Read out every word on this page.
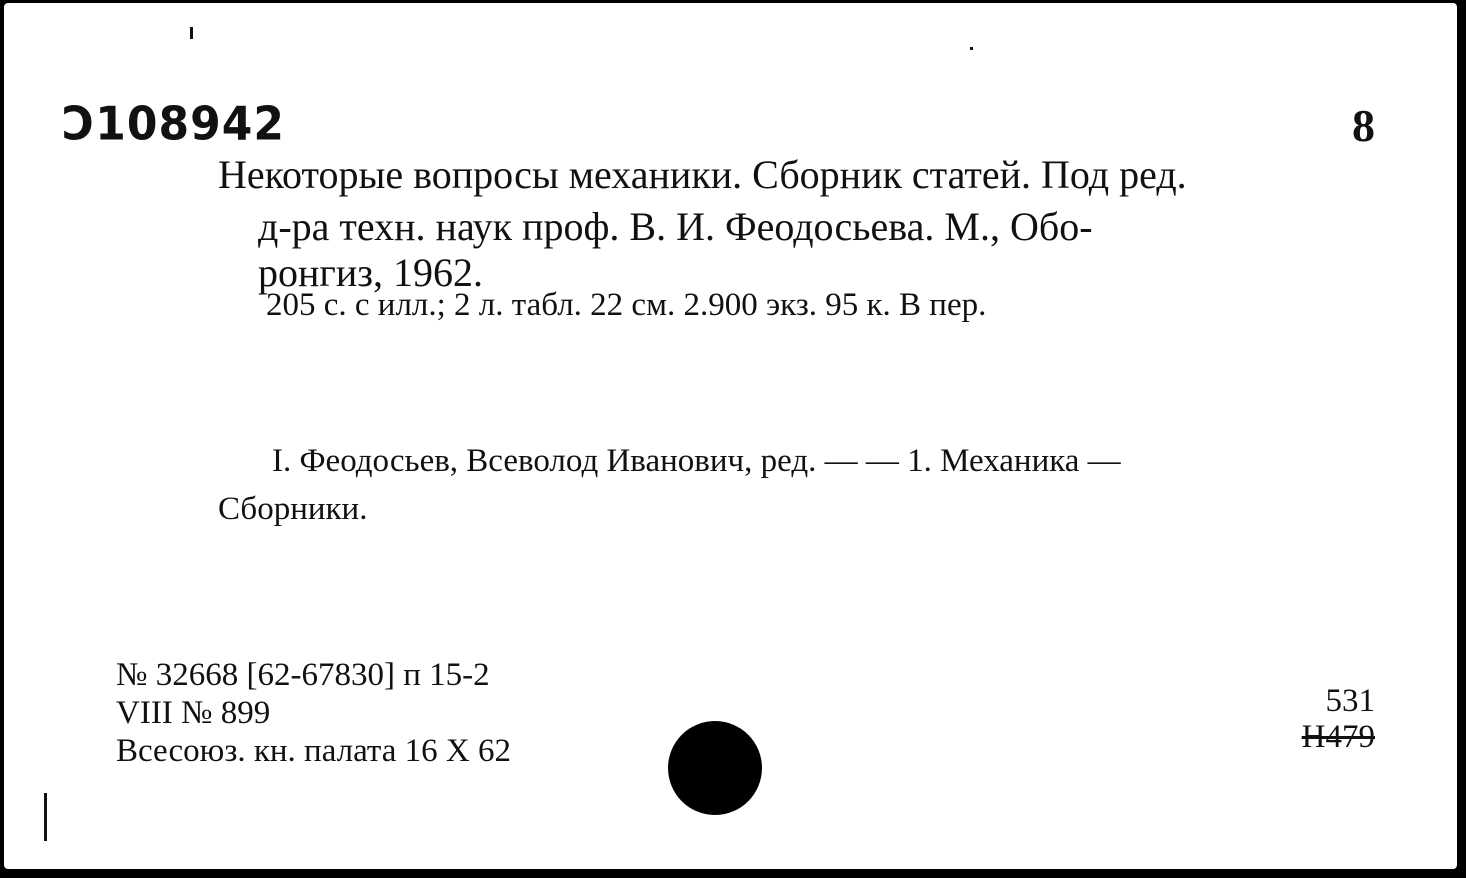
Ɔ108942	8
Некоторые вопросы механики. Сборник статей. Под ред.
д-ра техн. наук проф. В. И. Феодосьева. М., Обо-
ронгиз, 1962.
205 с. с илл.; 2 л. табл. 22 см. 2.900 экз. 95 к. В пер.
I. Феодосьев, Всеволод Иванович, ред. — — 1. Механика —
Сборники.
№ 32668 [62-67830] п 15-2
VIII № 899
Всесоюз. кн. палата 16 X 62
531
Н479
